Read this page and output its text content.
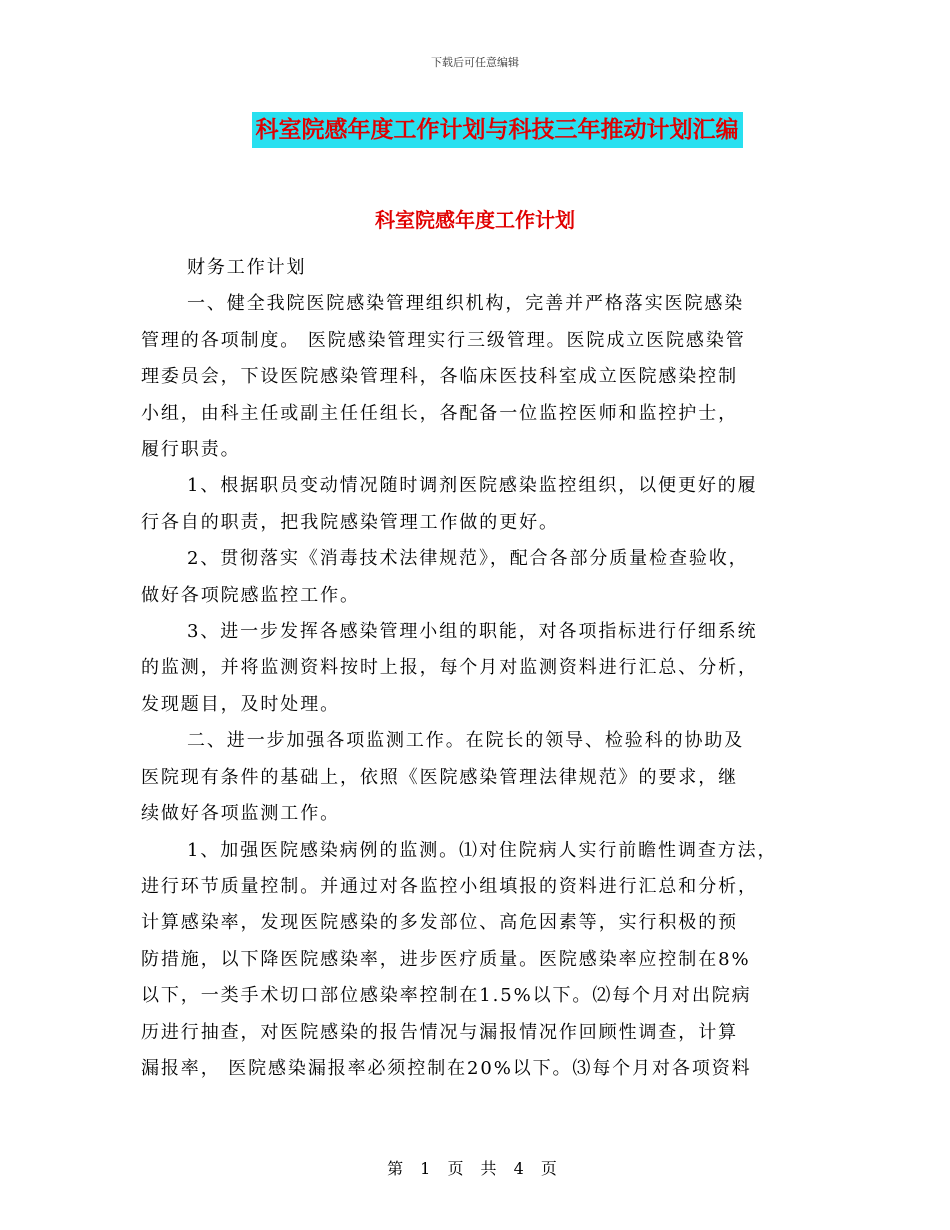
下载后可任意编辑
科室院感年度工作计划与科技三年推动计划汇编
科室院感年度工作计划
财务工作计划
一、健全我院医院感染管理组织机构，完善并严格落实医院感染
管理的各项制度。 医院感染管理实行三级管理。医院成立医院感染管
理委员会，下设医院感染管理科，各临床医技科室成立医院感染控制
小组，由科主任或副主任任组长，各配备一位监控医师和监控护士，
履行职责。
1、根据职员变动情况随时调剂医院感染监控组织，以便更好的履
行各自的职责，把我院感染管理工作做的更好。
2、贯彻落实《消毒技术法律规范》，配合各部分质量检查验收，
做好各项院感监控工作。
3、进一步发挥各感染管理小组的职能，对各项指标进行仔细系统
的监测，并将监测资料按时上报，每个月对监测资料进行汇总、分析，
发现题目，及时处理。
二、进一步加强各项监测工作。在院长的领导、检验科的协助及
医院现有条件的基础上，依照《医院感染管理法律规范》的要求，继
续做好各项监测工作。
1、加强医院感染病例的监测。⑴对住院病人实行前瞻性调查方法，
进行环节质量控制。并通过对各监控小组填报的资料进行汇总和分析，
计算感染率，发现医院感染的多发部位、高危因素等，实行积极的预
防措施，以下降医院感染率，进步医疗质量。医院感染率应控制在8%
以下，一类手术切口部位感染率控制在1.5%以下。⑵每个月对出院病
历进行抽查，对医院感染的报告情况与漏报情况作回顾性调查，计算
漏报率， 医院感染漏报率必须控制在20%以下。⑶每个月对各项资料
第 1 页 共 4 页
